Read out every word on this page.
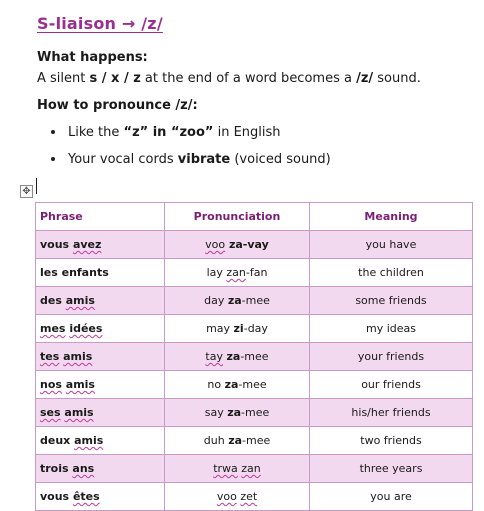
S-liaison → /z/
What happens:
A silent s / x / z at the end of a word becomes a /z/ sound.
How to pronounce /z/:
Like the “z” in “zoo” in English
Your vocal cords vibrate (voiced sound)
✥
Phrase	Pronunciation	Meaning
vous avez	voo za-vay	you have
les enfants	lay zan-fan	the children
des amis	day za-mee	some friends
mes idées	may zi-day	my ideas
tes amis	tay za-mee	your friends
nos amis	no za-mee	our friends
ses amis	say za-mee	his/her friends
deux amis	duh za-mee	two friends
trois ans	trwa zan	three years
vous êtes	voo zet	you are
